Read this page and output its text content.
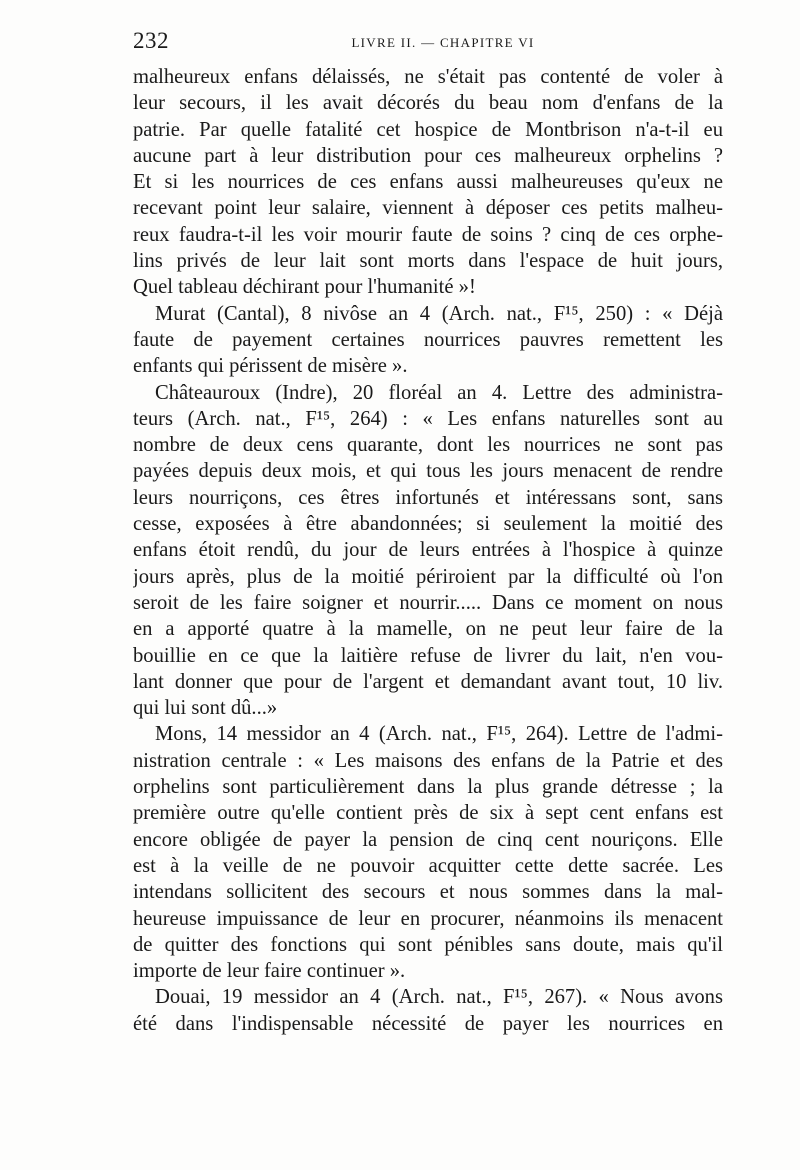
232	LIVRE II. — CHAPITRE VI
malheureux enfans délaissés, ne s'était pas contenté de voler à
leur secours, il les avait décorés du beau nom d'enfans de la
patrie. Par quelle fatalité cet hospice de Montbrison n'a-t-il eu
aucune part à leur distribution pour ces malheureux orphelins ?
Et si les nourrices de ces enfans aussi malheureuses qu'eux ne
recevant point leur salaire, viennent à déposer ces petits malheu-
reux faudra-t-il les voir mourir faute de soins ? cinq de ces orphe-
lins privés de leur lait sont morts dans l'espace de huit jours,
Quel tableau déchirant pour l'humanité »!
Murat (Cantal), 8 nivôse an 4 (Arch. nat., F¹⁵, 250) : « Déjà
faute de payement certaines nourrices pauvres remettent les
enfants qui périssent de misère ».
Châteauroux (Indre), 20 floréal an 4. Lettre des administra-
teurs (Arch. nat., F¹⁵, 264) : « Les enfans naturelles sont au
nombre de deux cens quarante, dont les nourrices ne sont pas
payées depuis deux mois, et qui tous les jours menacent de rendre
leurs nourriçons, ces êtres infortunés et intéressans sont, sans
cesse, exposées à être abandonnées; si seulement la moitié des
enfans étoit rendû, du jour de leurs entrées à l'hospice à quinze
jours après, plus de la moitié périroient par la difficulté où l'on
seroit de les faire soigner et nourrir..... Dans ce moment on nous
en a apporté quatre à la mamelle, on ne peut leur faire de la
bouillie en ce que la laitière refuse de livrer du lait, n'en vou-
lant donner que pour de l'argent et demandant avant tout, 10 liv.
qui lui sont dû...»
Mons, 14 messidor an 4 (Arch. nat., F¹⁵, 264). Lettre de l'admi-
nistration centrale : « Les maisons des enfans de la Patrie et des
orphelins sont particulièrement dans la plus grande détresse ; la
première outre qu'elle contient près de six à sept cent enfans est
encore obligée de payer la pension de cinq cent nouriçons. Elle
est à la veille de ne pouvoir acquitter cette dette sacrée. Les
intendans sollicitent des secours et nous sommes dans la mal-
heureuse impuissance de leur en procurer, néanmoins ils menacent
de quitter des fonctions qui sont pénibles sans doute, mais qu'il
importe de leur faire continuer ».
Douai, 19 messidor an 4 (Arch. nat., F¹⁵, 267). « Nous avons
été dans l'indispensable nécessité de payer les nourrices en
